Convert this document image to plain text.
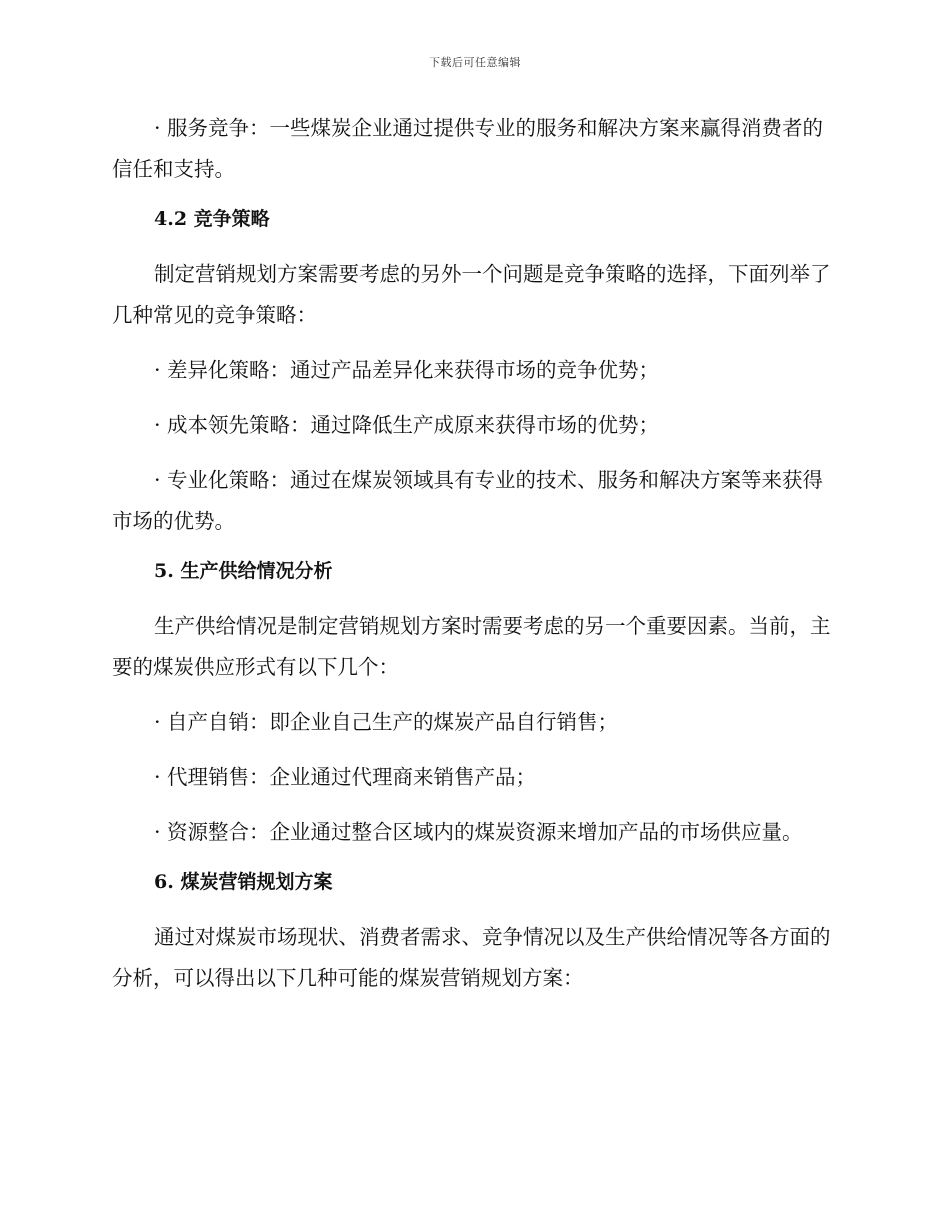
下载后可任意编辑

· 服务竞争：一些煤炭企业通过提供专业的服务和解决方案来赢得消费者的信任和支持。

4.2 竞争策略

制定营销规划方案需要考虑的另外一个问题是竞争策略的选择，下面列举了几种常见的竞争策略：

· 差异化策略：通过产品差异化来获得市场的竞争优势；

· 成本领先策略：通过降低生产成原来获得市场的优势；

· 专业化策略：通过在煤炭领域具有专业的技术、服务和解决方案等来获得市场的优势。

5. 生产供给情况分析

生产供给情况是制定营销规划方案时需要考虑的另一个重要因素。当前，主要的煤炭供应形式有以下几个：

· 自产自销：即企业自己生产的煤炭产品自行销售；

· 代理销售：企业通过代理商来销售产品；

· 资源整合：企业通过整合区域内的煤炭资源来增加产品的市场供应量。

6. 煤炭营销规划方案

通过对煤炭市场现状、消费者需求、竞争情况以及生产供给情况等各方面的分析，可以得出以下几种可能的煤炭营销规划方案：
